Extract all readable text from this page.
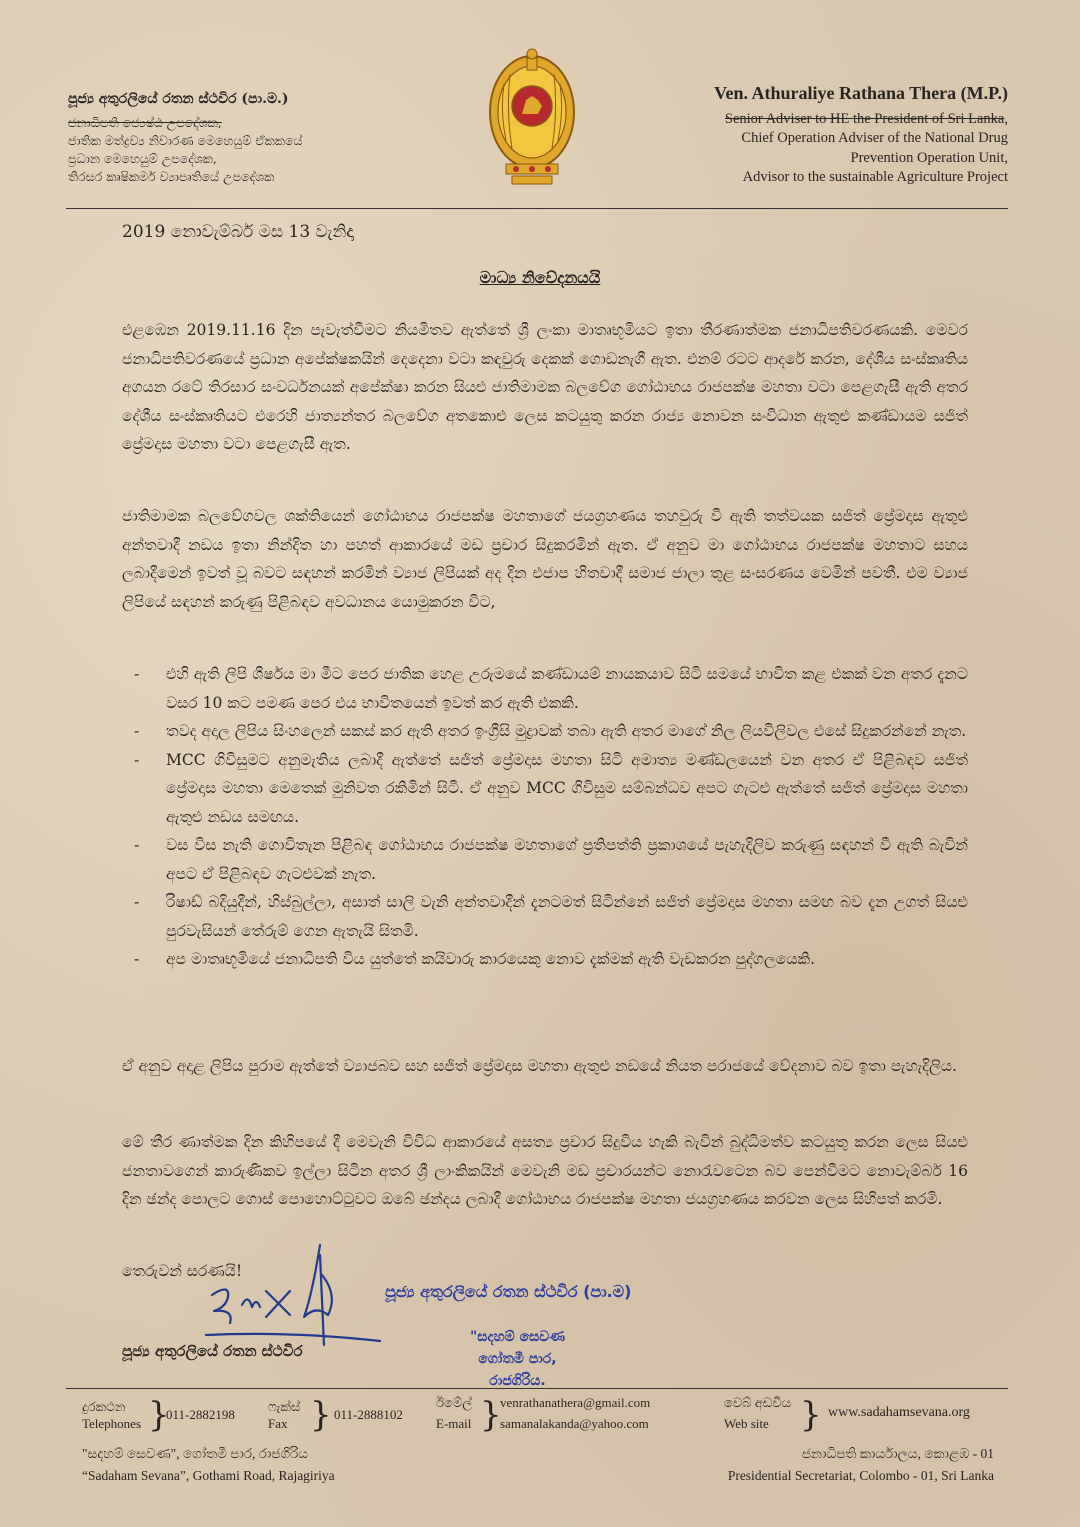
පූජ්‍ය අතුරලියේ රතන ස්ථවිර (පා.ම.)
ජනාධිපති ජ්‍යෙෂ්ඨ උපදේශක,
ජාතික මත්ද්‍රව්‍ය නිවාරණ මෙහෙයුම් ඒකකයේ
ප්‍රධාන මෙහෙයුම් උපදේශක,
තිරසර කෘෂිකර්ම ව්‍යාපෘතියේ උපදේශක
Ven. Athuraliye Rathana Thera (M.P.)
Senior Adviser to HE the President of Sri Lanka,
Chief Operation Adviser of the National Drug
Prevention Operation Unit,
Advisor to the sustainable Agriculture Project
2019 නොවැම්බර් මස 13 වැනිදා
මාධ්‍ය නිවේදනයයි
එළඹෙන 2019.11.16 දින පැවැත්වීමට නියමිතව ඇත්තේ ශ්‍රී ලංකා මාතෘභූමියට ඉතා තීරණාත්මක ජනාධිපතිවරණයකි. මෙවර ජනාධිපතිවරණයේ ප්‍රධාන අපේක්ෂකයින් දෙදෙනා වටා කඳවුරු දෙකක් ගොඩනැගී ඇත. එනම් රටට ආදරේ කරන, දේශීය සංස්කෘතිය අගයන රටේ තිරසාර සංවර්ධනයක් අපේක්ෂා කරන සියළු ජාතිමාමක බලවේග ගෝඨාභය රාජපක්ෂ මහතා වටා පෙළගැසී ඇති අතර දේශීය සංස්කෘතියට එරෙහි ජාත්‍යන්තර බලවේග අතකොළු ලෙස කටයුතු කරන රාජ්‍ය නොවන සංවිධාන ඇතුළු කණ්ඩායම සජිත් ප්‍රේමදාස මහතා වටා පෙළගැසී ඇත.
ජාතිමාමක බලවේගවල ශක්තියෙන් ගෝඨාභය රාජපක්ෂ මහතාගේ ජයග්‍රහණය තහවුරු වී ඇති තත්වයක සජිත් ප්‍රේමදාස ඇතුළු අන්තවාදී නඩය ඉතා නින්දිත හා පහත් ආකාරයේ මඩ ප්‍රචාර සිදුකරමින් ඇත. ඒ අනුව මා ගෝඨාභය රාජපක්ෂ මහතාට සහය ලබාදීමෙන් ඉවත් වූ බවට සඳහන් කරමින් ව්‍යාජ ලිපියක් අද දින එජාප හිතවාදී සමාජ ජාලා තුළ සංසරණය වෙමින් පවතී. එම ව්‍යාජ ලිපියේ සඳහන් කරුණු පිළිබඳව අවධානය යොමුකරන විට,
- එහි ඇති ලිපි ශීර්ෂය මා මීට පෙර ජාතික හෙළ උරුමයේ කණ්ඩායම් නායකයාව සිටි සමයේ භාවිත කළ එකක් වන අතර දැනට වසර 10 කට පමණ පෙර එය භාවිතයෙන් ඉවත් කර ඇති එකකි.
- තවද අදාල ලිපිය සිංහලෙන් සකස් කර ඇති අතර ඉංග්‍රීසි මුද්‍රාවක් තබා ඇති අතර මාගේ නිල ලියවිලිවල එසේ සිදුකරන්නේ නැත.
- MCC ගිවිසුමට අනුමැතිය ලබාදී ඇත්තේ සජිත් ප්‍රේමදාස මහතා සිටි අමාත්‍ය මණ්ඩලයෙන් වන අතර ඒ පිළිබඳව සජිත් ප්‍රේමදාස මහතා මෙතෙක් මුනිවත රකිමින් සිටී. ඒ අනුව MCC ගිවිසුම සම්බන්ධව අපට ගැටළු ඇත්තේ සජිත් ප්‍රේමදාස මහතා ඇතුළු නඩය සමඟය.
- වස විස නැති ගොවිතැන පිළිබඳ ගෝඨාභය රාජපක්ෂ මහතාගේ ප්‍රතිපත්ති ප්‍රකාශයේ පැහැදිලිව කරුණු සඳහන් වී ඇති බැවින් අපට ඒ පිළිබඳව ගැටළුවක් නැත.
- රිෂාඩ් බදියුදීන්, හිස්බුල්ලා, අසාත් සාලි වැනි අන්තවාදීන් දැනටමත් සිටින්නේ සජිත් ප්‍රේමදාස මහතා සමඟ බව දැන උගත් සියළු පුරවැසියන් තේරුම් ගෙන ඇතැයි සිතමි.
- අප මාතෘභූමියේ ජනාධිපති විය යුත්තේ කයිවාරු කාරයෙකු නොව දැක්මක් ඇති වැඩකරන පුද්ගලයෙකි.
ඒ අනුව අදාළ ලිපිය පුරාම ඇත්තේ ව්‍යාජබව සහ සජිත් ප්‍රේමදාස මහතා ඇතුළු නඩයේ නියත පරාජයේ වේදනාව බව ඉතා පැහැදිලිය.
මේ තීර ණාත්මක දින කිහිපයේ දී මෙවැනි විවිධ ආකාරයේ අසත්‍ය ප්‍රචාර සිදුවිය හැකි බැවින් බුද්ධිමත්ව කටයුතු කරන ලෙස සියළු ජනතාවගෙන් කාරුණිකව ඉල්ලා සිටින අතර ශ්‍රී ලාංකිකයින් මෙවැනි මඩ ප්‍රචාරයන්ට නොරැවටෙන බව පෙන්වීමට නොවැම්බර් 16 දින ඡන්ද පොලට ගොස් පොහොට්ටුවට ඔබේ ඡන්දය ලබාදී ගෝඨාභය රාජපක්ෂ මහතා ජයග්‍රහණය කරවන ලෙස සිහිපත් කරමි.
තෙරුවන් සරණයි!
පූජ්‍ය අතුරලියේ රතන ස්ථවිර
පූජ්‍ය අතුරලියේ රතන ස්ථවිර (පා.ම)
"සදහම් සෙවණ
ගෝතමී පාර,
රාජගිරිය.
දුරකථන
Telephones }
011-2882198
ෆැක්ස්
Fax } 011-2888102
ඊමේල්
E-mail }
venrathanathera@gmail.com
samanalakanda@yahoo.com
වෙබ් අඩවිය
Web site } www.sadahamsevana.org
"සදහම් සෙවණ", ගෝතමී පාර, රාජගිරිය
“Sadaham Sevana”, Gothami Road, Rajagiriya
ජනාධිපති කාර්යාලය, කොළඹ - 01
Presidential Secretariat, Colombo - 01, Sri Lanka
